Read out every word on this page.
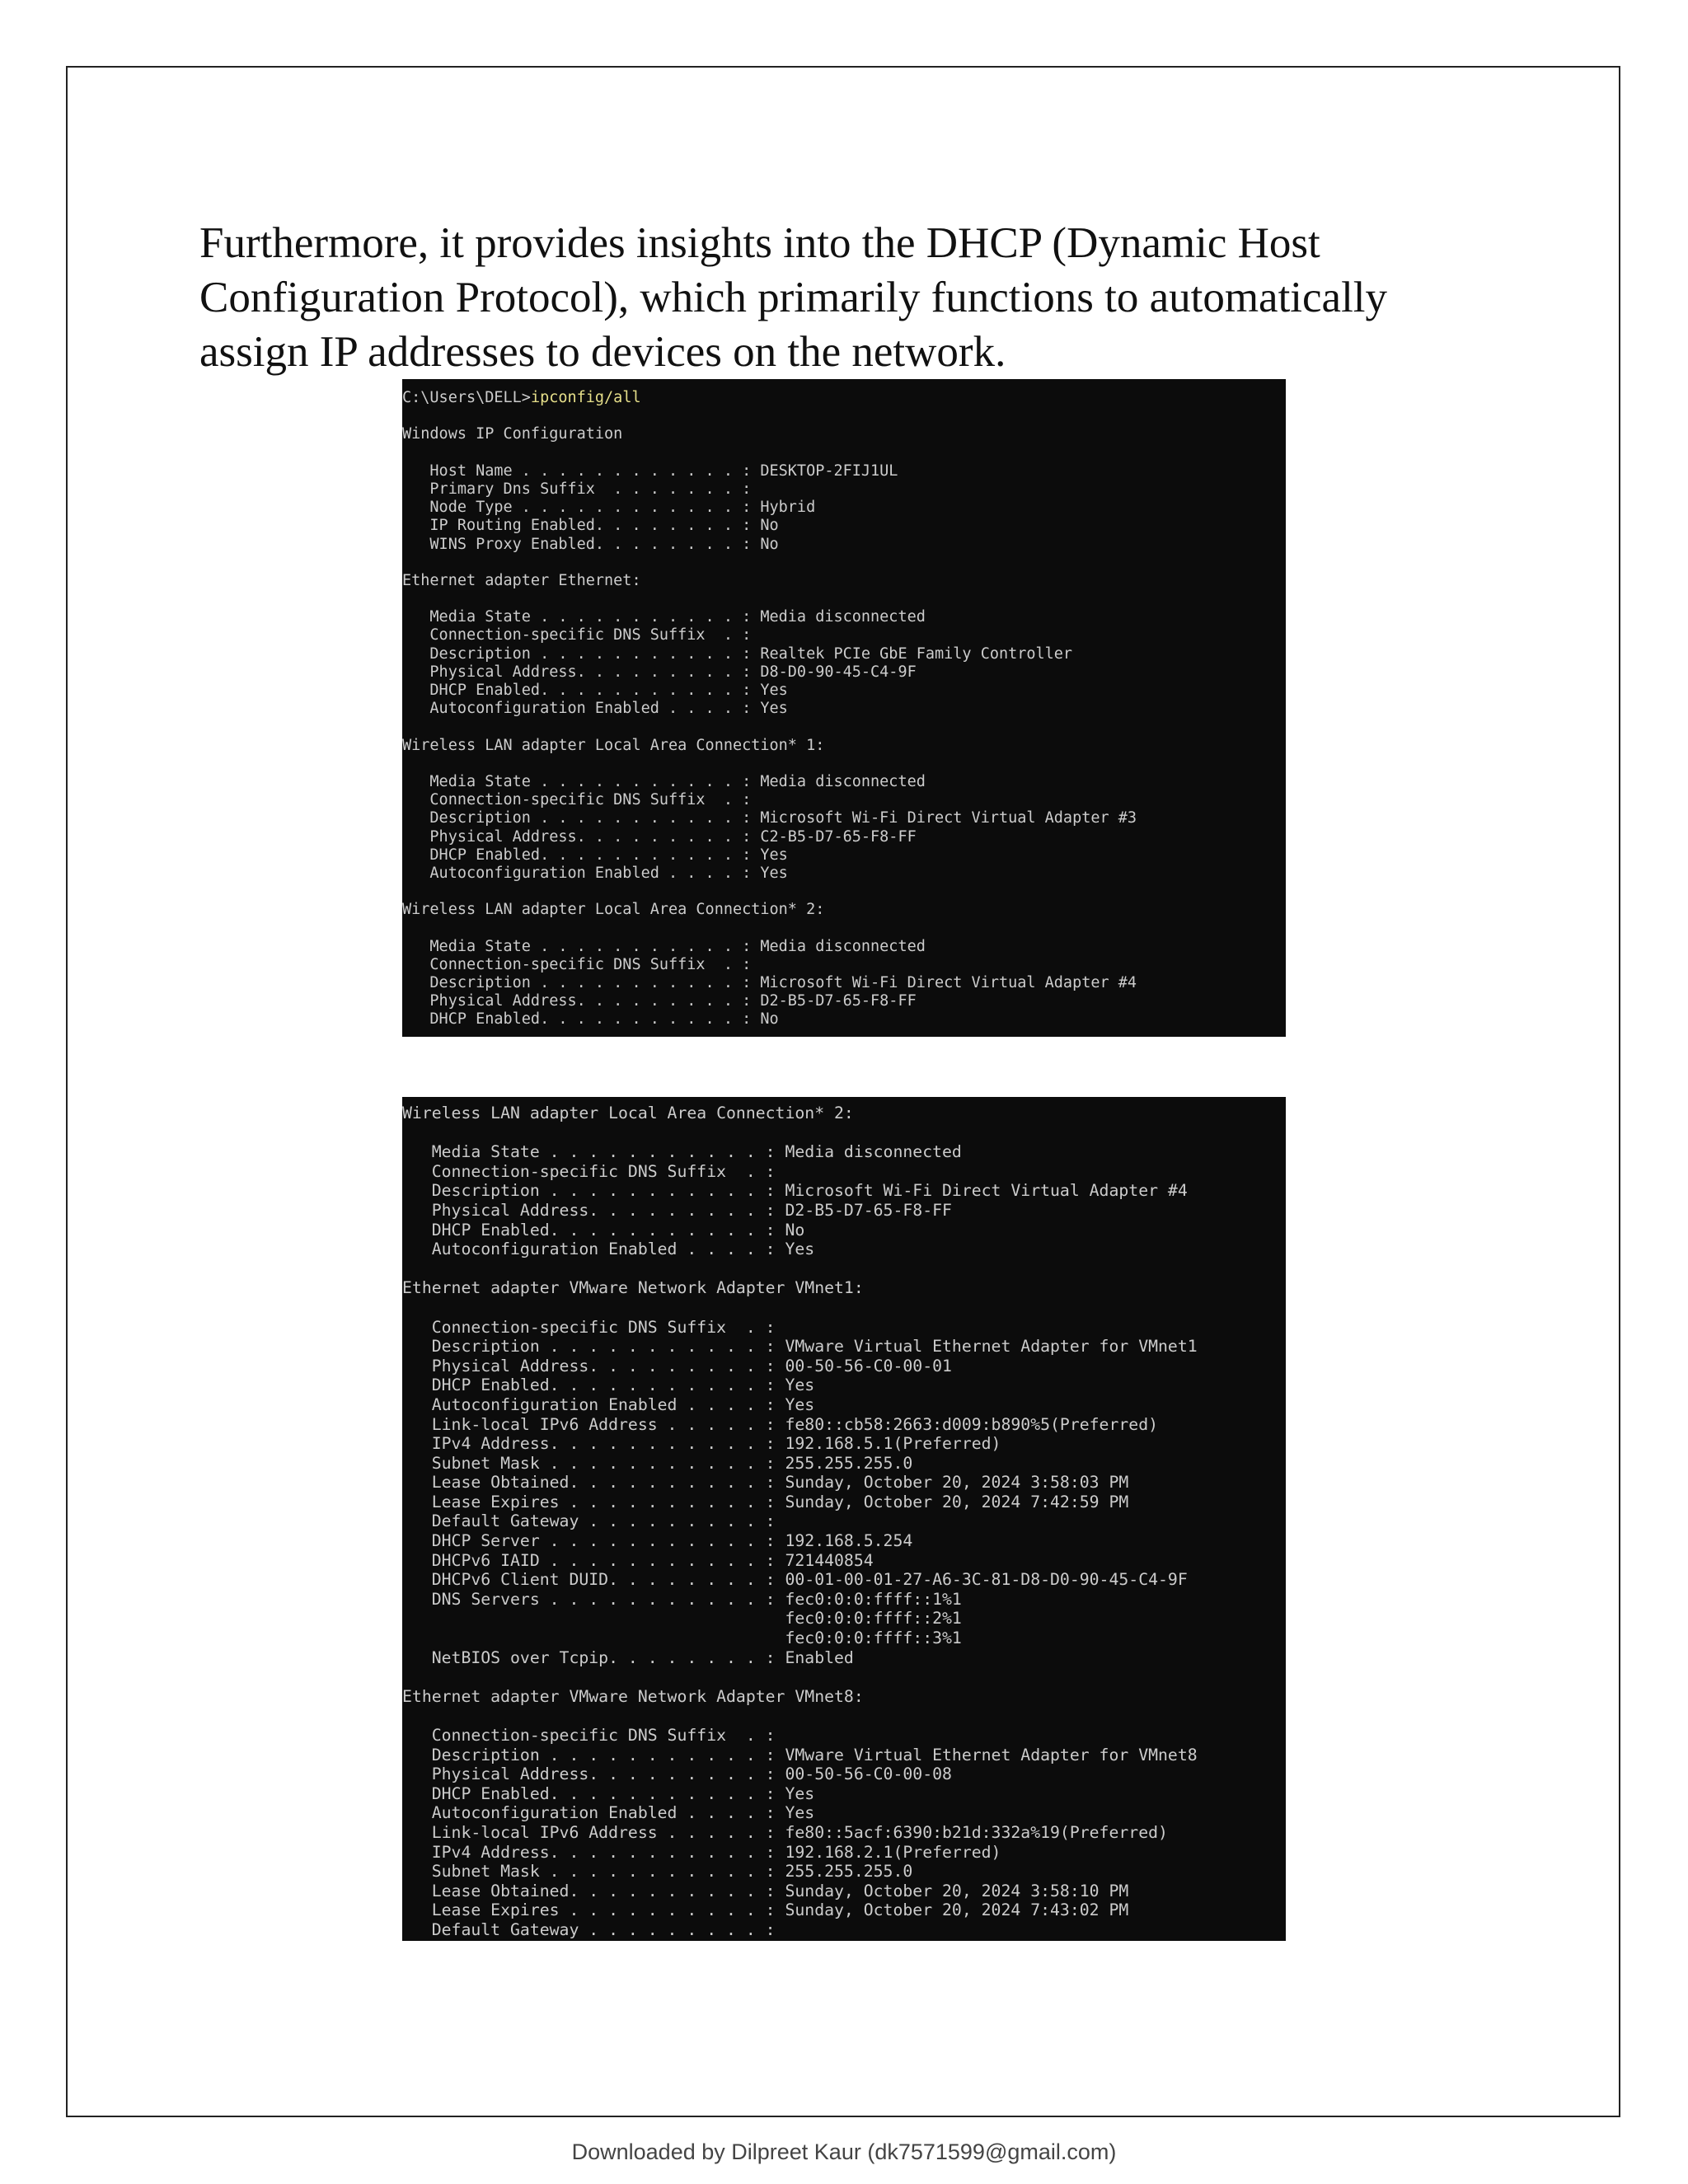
Furthermore, it provides insights into the DHCP (Dynamic Host Configuration Protocol), which primarily functions to automatically assign IP addresses to devices on the network.

C:\Users\DELL>ipconfig/all
Windows IP Configuration
Host Name . . . . . . . . . . . . : DESKTOP-2FIJ1UL
Primary Dns Suffix  . . . . . . . :
Node Type . . . . . . . . . . . . : Hybrid
IP Routing Enabled. . . . . . . . : No
WINS Proxy Enabled. . . . . . . . : No
Ethernet adapter Ethernet:
Media State . . . . . . . . . . . : Media disconnected
Connection-specific DNS Suffix  . :
Description . . . . . . . . . . . : Realtek PCIe GbE Family Controller
Physical Address. . . . . . . . . : D8-D0-90-45-C4-9F
DHCP Enabled. . . . . . . . . . . : Yes
Autoconfiguration Enabled . . . . : Yes
Wireless LAN adapter Local Area Connection* 1:
Media State . . . . . . . . . . . : Media disconnected
Connection-specific DNS Suffix  . :
Description . . . . . . . . . . . : Microsoft Wi-Fi Direct Virtual Adapter #3
Physical Address. . . . . . . . . : C2-B5-D7-65-F8-FF
DHCP Enabled. . . . . . . . . . . : Yes
Autoconfiguration Enabled . . . . : Yes
Wireless LAN adapter Local Area Connection* 2:
Media State . . . . . . . . . . . : Media disconnected
Connection-specific DNS Suffix  . :
Description . . . . . . . . . . . : Microsoft Wi-Fi Direct Virtual Adapter #4
Physical Address. . . . . . . . . : D2-B5-D7-65-F8-FF
DHCP Enabled. . . . . . . . . . . : No
Wireless LAN adapter Local Area Connection* 2:
Media State . . . . . . . . . . . : Media disconnected
Connection-specific DNS Suffix  . :
Description . . . . . . . . . . . : Microsoft Wi-Fi Direct Virtual Adapter #4
Physical Address. . . . . . . . . : D2-B5-D7-65-F8-FF
DHCP Enabled. . . . . . . . . . . : No
Autoconfiguration Enabled . . . . : Yes
Ethernet adapter VMware Network Adapter VMnet1:
Connection-specific DNS Suffix  . :
Description . . . . . . . . . . . : VMware Virtual Ethernet Adapter for VMnet1
Physical Address. . . . . . . . . : 00-50-56-C0-00-01
DHCP Enabled. . . . . . . . . . . : Yes
Autoconfiguration Enabled . . . . : Yes
Link-local IPv6 Address . . . . . : fe80::cb58:2663:d009:b890%5(Preferred)
IPv4 Address. . . . . . . . . . . : 192.168.5.1(Preferred)
Subnet Mask . . . . . . . . . . . : 255.255.255.0
Lease Obtained. . . . . . . . . . : Sunday, October 20, 2024 3:58:03 PM
Lease Expires . . . . . . . . . . : Sunday, October 20, 2024 7:42:59 PM
Default Gateway . . . . . . . . . :
DHCP Server . . . . . . . . . . . : 192.168.5.254
DHCPv6 IAID . . . . . . . . . . . : 721440854
DHCPv6 Client DUID. . . . . . . . : 00-01-00-01-27-A6-3C-81-D8-D0-90-45-C4-9F
DNS Servers . . . . . . . . . . . : fec0:0:0:ffff::1%1
fec0:0:0:ffff::2%1
fec0:0:0:ffff::3%1
NetBIOS over Tcpip. . . . . . . . : Enabled
Ethernet adapter VMware Network Adapter VMnet8:
Connection-specific DNS Suffix  . :
Description . . . . . . . . . . . : VMware Virtual Ethernet Adapter for VMnet8
Physical Address. . . . . . . . . : 00-50-56-C0-00-08
DHCP Enabled. . . . . . . . . . . : Yes
Autoconfiguration Enabled . . . . : Yes
Link-local IPv6 Address . . . . . : fe80::5acf:6390:b21d:332a%19(Preferred)
IPv4 Address. . . . . . . . . . . : 192.168.2.1(Preferred)
Subnet Mask . . . . . . . . . . . : 255.255.255.0
Lease Obtained. . . . . . . . . . : Sunday, October 20, 2024 3:58:10 PM
Lease Expires . . . . . . . . . . : Sunday, October 20, 2024 7:43:02 PM
Default Gateway . . . . . . . . . :
Downloaded by Dilpreet Kaur (dk7571599@gmail.com)
